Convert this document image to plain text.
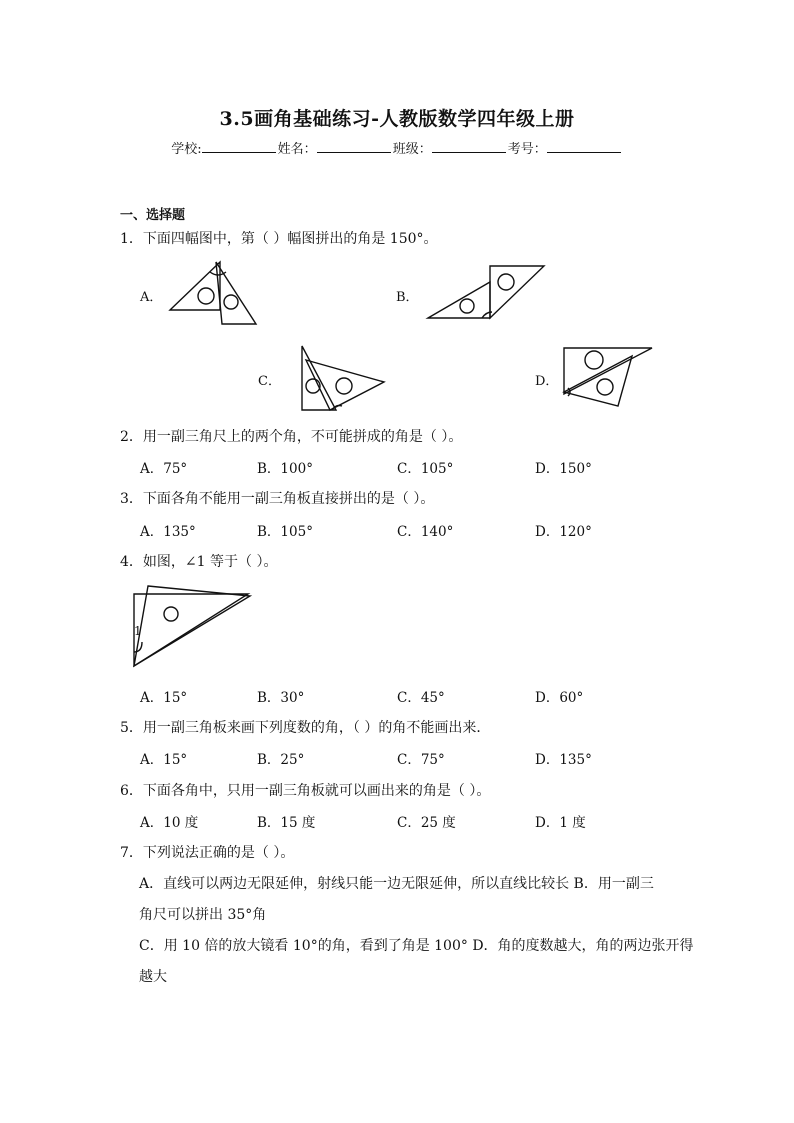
3.5画角基础练习-人教版数学四年级上册
学校:	姓名：	班级：	考号：
一、选择题
1．下面四幅图中，第（ ）幅图拼出的角是 150°。
A．	B．
C．	D．
2．用一副三角尺上的两个角，不可能拼成的角是（ ）。
A．75°	B．100°	C．105°	D．150°
3．下面各角不能用一副三角板直接拼出的是（ ）。
A．135°	B．105°	C．140°	D．120°
4．如图，∠1 等于（ ）。
1
A．15°	B．30°	C．45°	D．60°
5．用一副三角板来画下列度数的角，（ ）的角不能画出来．
A．15°	B．25°	C．75°	D．135°
6．下面各角中，只用一副三角板就可以画出来的角是（ ）。
A．10 度	B．15 度	C．25 度	D．1 度
7．下列说法正确的是（ ）。
A．直线可以两边无限延伸，射线只能一边无限延伸，所以直线比较长 B．用一副三
角尺可以拼出 35°角
C．用 10 倍的放大镜看 10°的角，看到了角是 100° D．角的度数越大，角的两边张开得
越大
